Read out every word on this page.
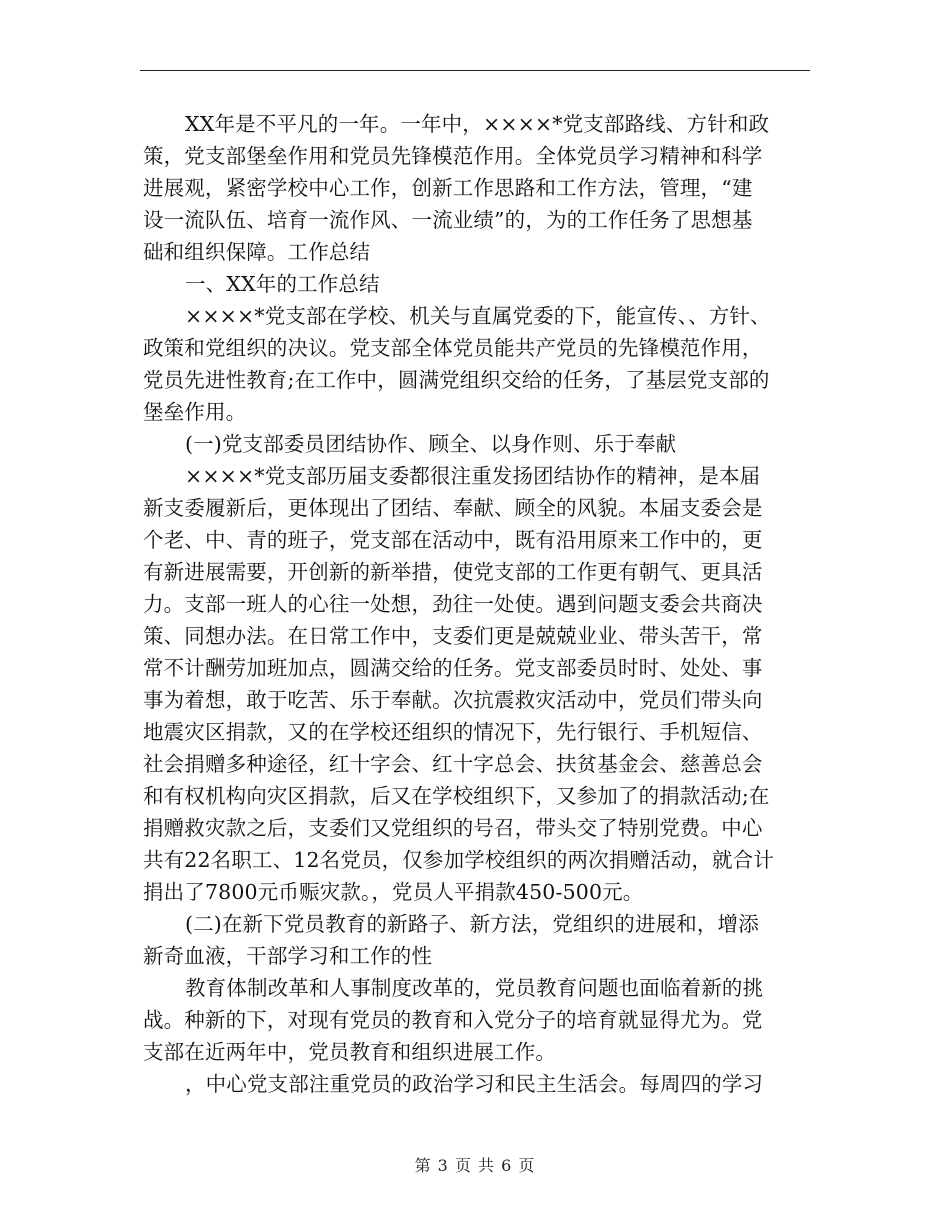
XX年是不平凡的一年。一年中，××××*党支部路线、方针和政
策，党支部堡垒作用和党员先锋模范作用。全体党员学习精神和科学
进展观，紧密学校中心工作，创新工作思路和工作方法，管理，“建
设一流队伍、培育一流作风、一流业绩”的，为的工作任务了思想基
础和组织保障。工作总结
一、XX年的工作总结
××××*党支部在学校、机关与直属党委的下，能宣传、、方针、
政策和党组织的决议。党支部全体党员能共产党员的先锋模范作用，
党员先进性教育;在工作中，圆满党组织交给的任务，了基层党支部的
堡垒作用。
(一)党支部委员团结协作、顾全、以身作则、乐于奉献
××××*党支部历届支委都很注重发扬团结协作的精神，是本届
新支委履新后，更体现出了团结、奉献、顾全的风貌。本届支委会是
个老、中、青的班子，党支部在活动中，既有沿用原来工作中的，更
有新进展需要，开创新的新举措，使党支部的工作更有朝气、更具活
力。支部一班人的心往一处想，劲往一处使。遇到问题支委会共商决
策、同想办法。在日常工作中，支委们更是兢兢业业、带头苦干，常
常不计酬劳加班加点，圆满交给的任务。党支部委员时时、处处、事
事为着想，敢于吃苦、乐于奉献。次抗震救灾活动中，党员们带头向
地震灾区捐款，又的在学校还组织的情况下，先行银行、手机短信、
社会捐赠多种途径，红十字会、红十字总会、扶贫基金会、慈善总会
和有权机构向灾区捐款，后又在学校组织下，又参加了的捐款活动;在
捐赠救灾款之后，支委们又党组织的号召，带头交了特别党费。中心
共有22名职工、12名党员，仅参加学校组织的两次捐赠活动，就合计
捐出了7800元币赈灾款。，党员人平捐款450-500元。
(二)在新下党员教育的新路子、新方法，党组织的进展和，增添
新奇血液，干部学习和工作的性
教育体制改革和人事制度改革的，党员教育问题也面临着新的挑
战。种新的下，对现有党员的教育和入党分子的培育就显得尤为。党
支部在近两年中，党员教育和组织进展工作。
，中心党支部注重党员的政治学习和民主生活会。每周四的学习
第 3 页 共 6 页
